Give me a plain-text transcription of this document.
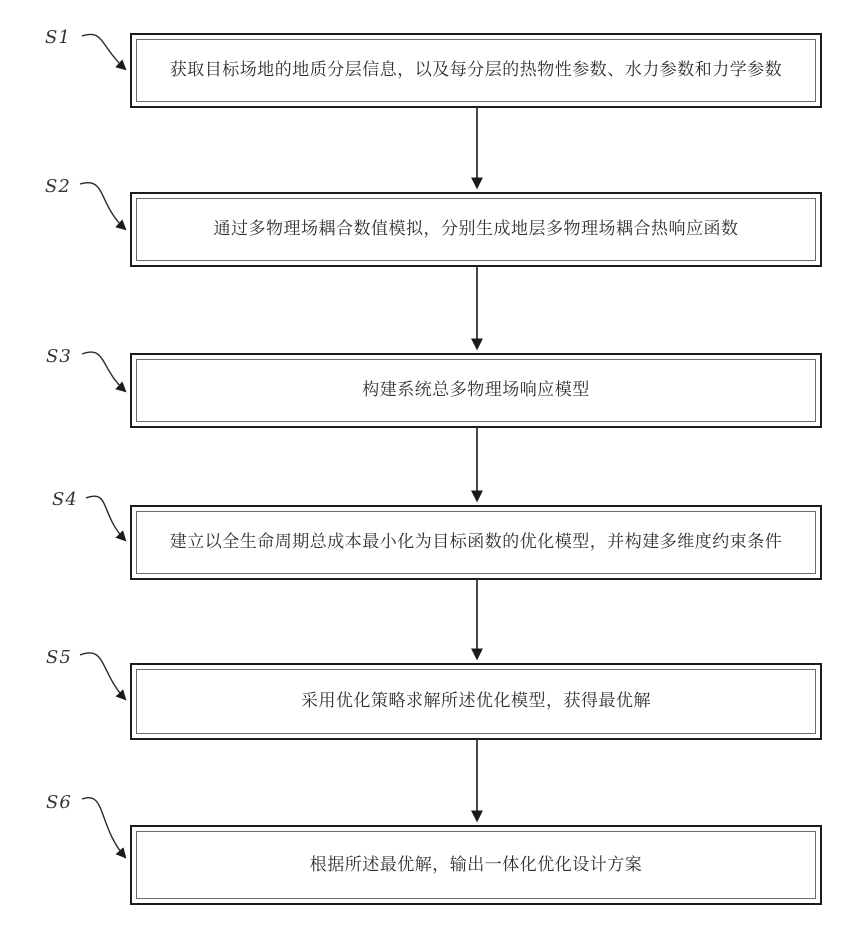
S1
S2
S3
S4
S5
S6
获取目标场地的地质分层信息，以及每分层的热物性参数、水力参数和力学参数
通过多物理场耦合数值模拟，分别生成地层多物理场耦合热响应函数
构建系统总多物理场响应模型
建立以全生命周期总成本最小化为目标函数的优化模型，并构建多维度约束条件
采用优化策略求解所述优化模型，获得最优解
根据所述最优解，输出一体化优化设计方案
